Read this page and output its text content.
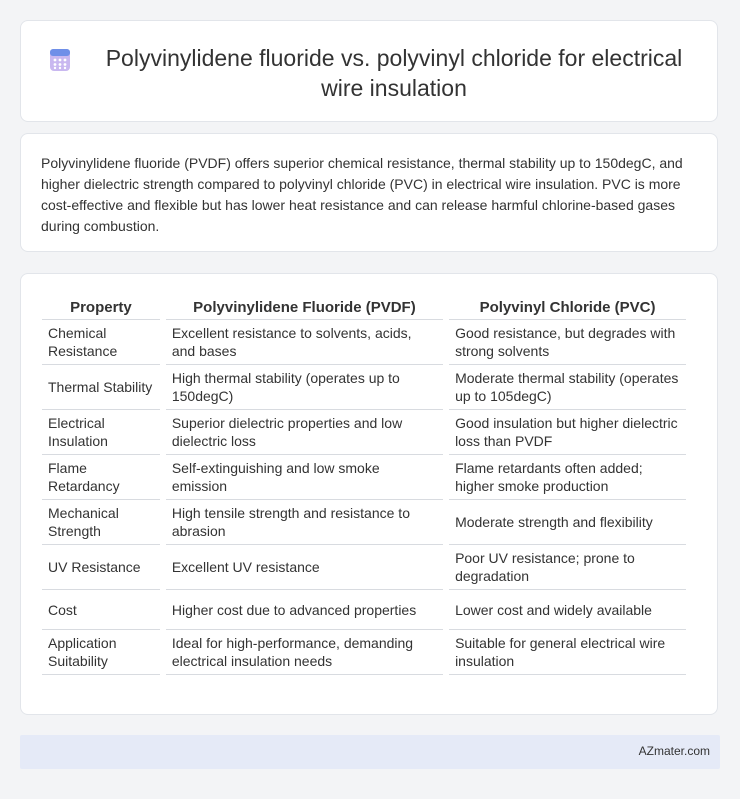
Polyvinylidene fluoride vs. polyvinyl chloride for electrical wire insulation

Polyvinylidene fluoride (PVDF) offers superior chemical resistance, thermal stability up to 150degC, and higher dielectric strength compared to polyvinyl chloride (PVC) in electrical wire insulation. PVC is more cost-effective and flexible but has lower heat resistance and can release harmful chlorine-based gases during combustion.

Property	Polyvinylidene Fluoride (PVDF)	Polyvinyl Chloride (PVC)
Chemical Resistance	Excellent resistance to solvents, acids, and bases	Good resistance, but degrades with strong solvents
Thermal Stability	High thermal stability (operates up to 150degC)	Moderate thermal stability (operates up to 105degC)
Electrical Insulation	Superior dielectric properties and low dielectric loss	Good insulation but higher dielectric loss than PVDF
Flame Retardancy	Self-extinguishing and low smoke emission	Flame retardants often added; higher smoke production
Mechanical Strength	High tensile strength and resistance to abrasion	Moderate strength and flexibility
UV Resistance	Excellent UV resistance	Poor UV resistance; prone to degradation
Cost	Higher cost due to advanced properties	Lower cost and widely available
Application Suitability	Ideal for high-performance, demanding electrical insulation needs	Suitable for general electrical wire insulation
AZmater.com
